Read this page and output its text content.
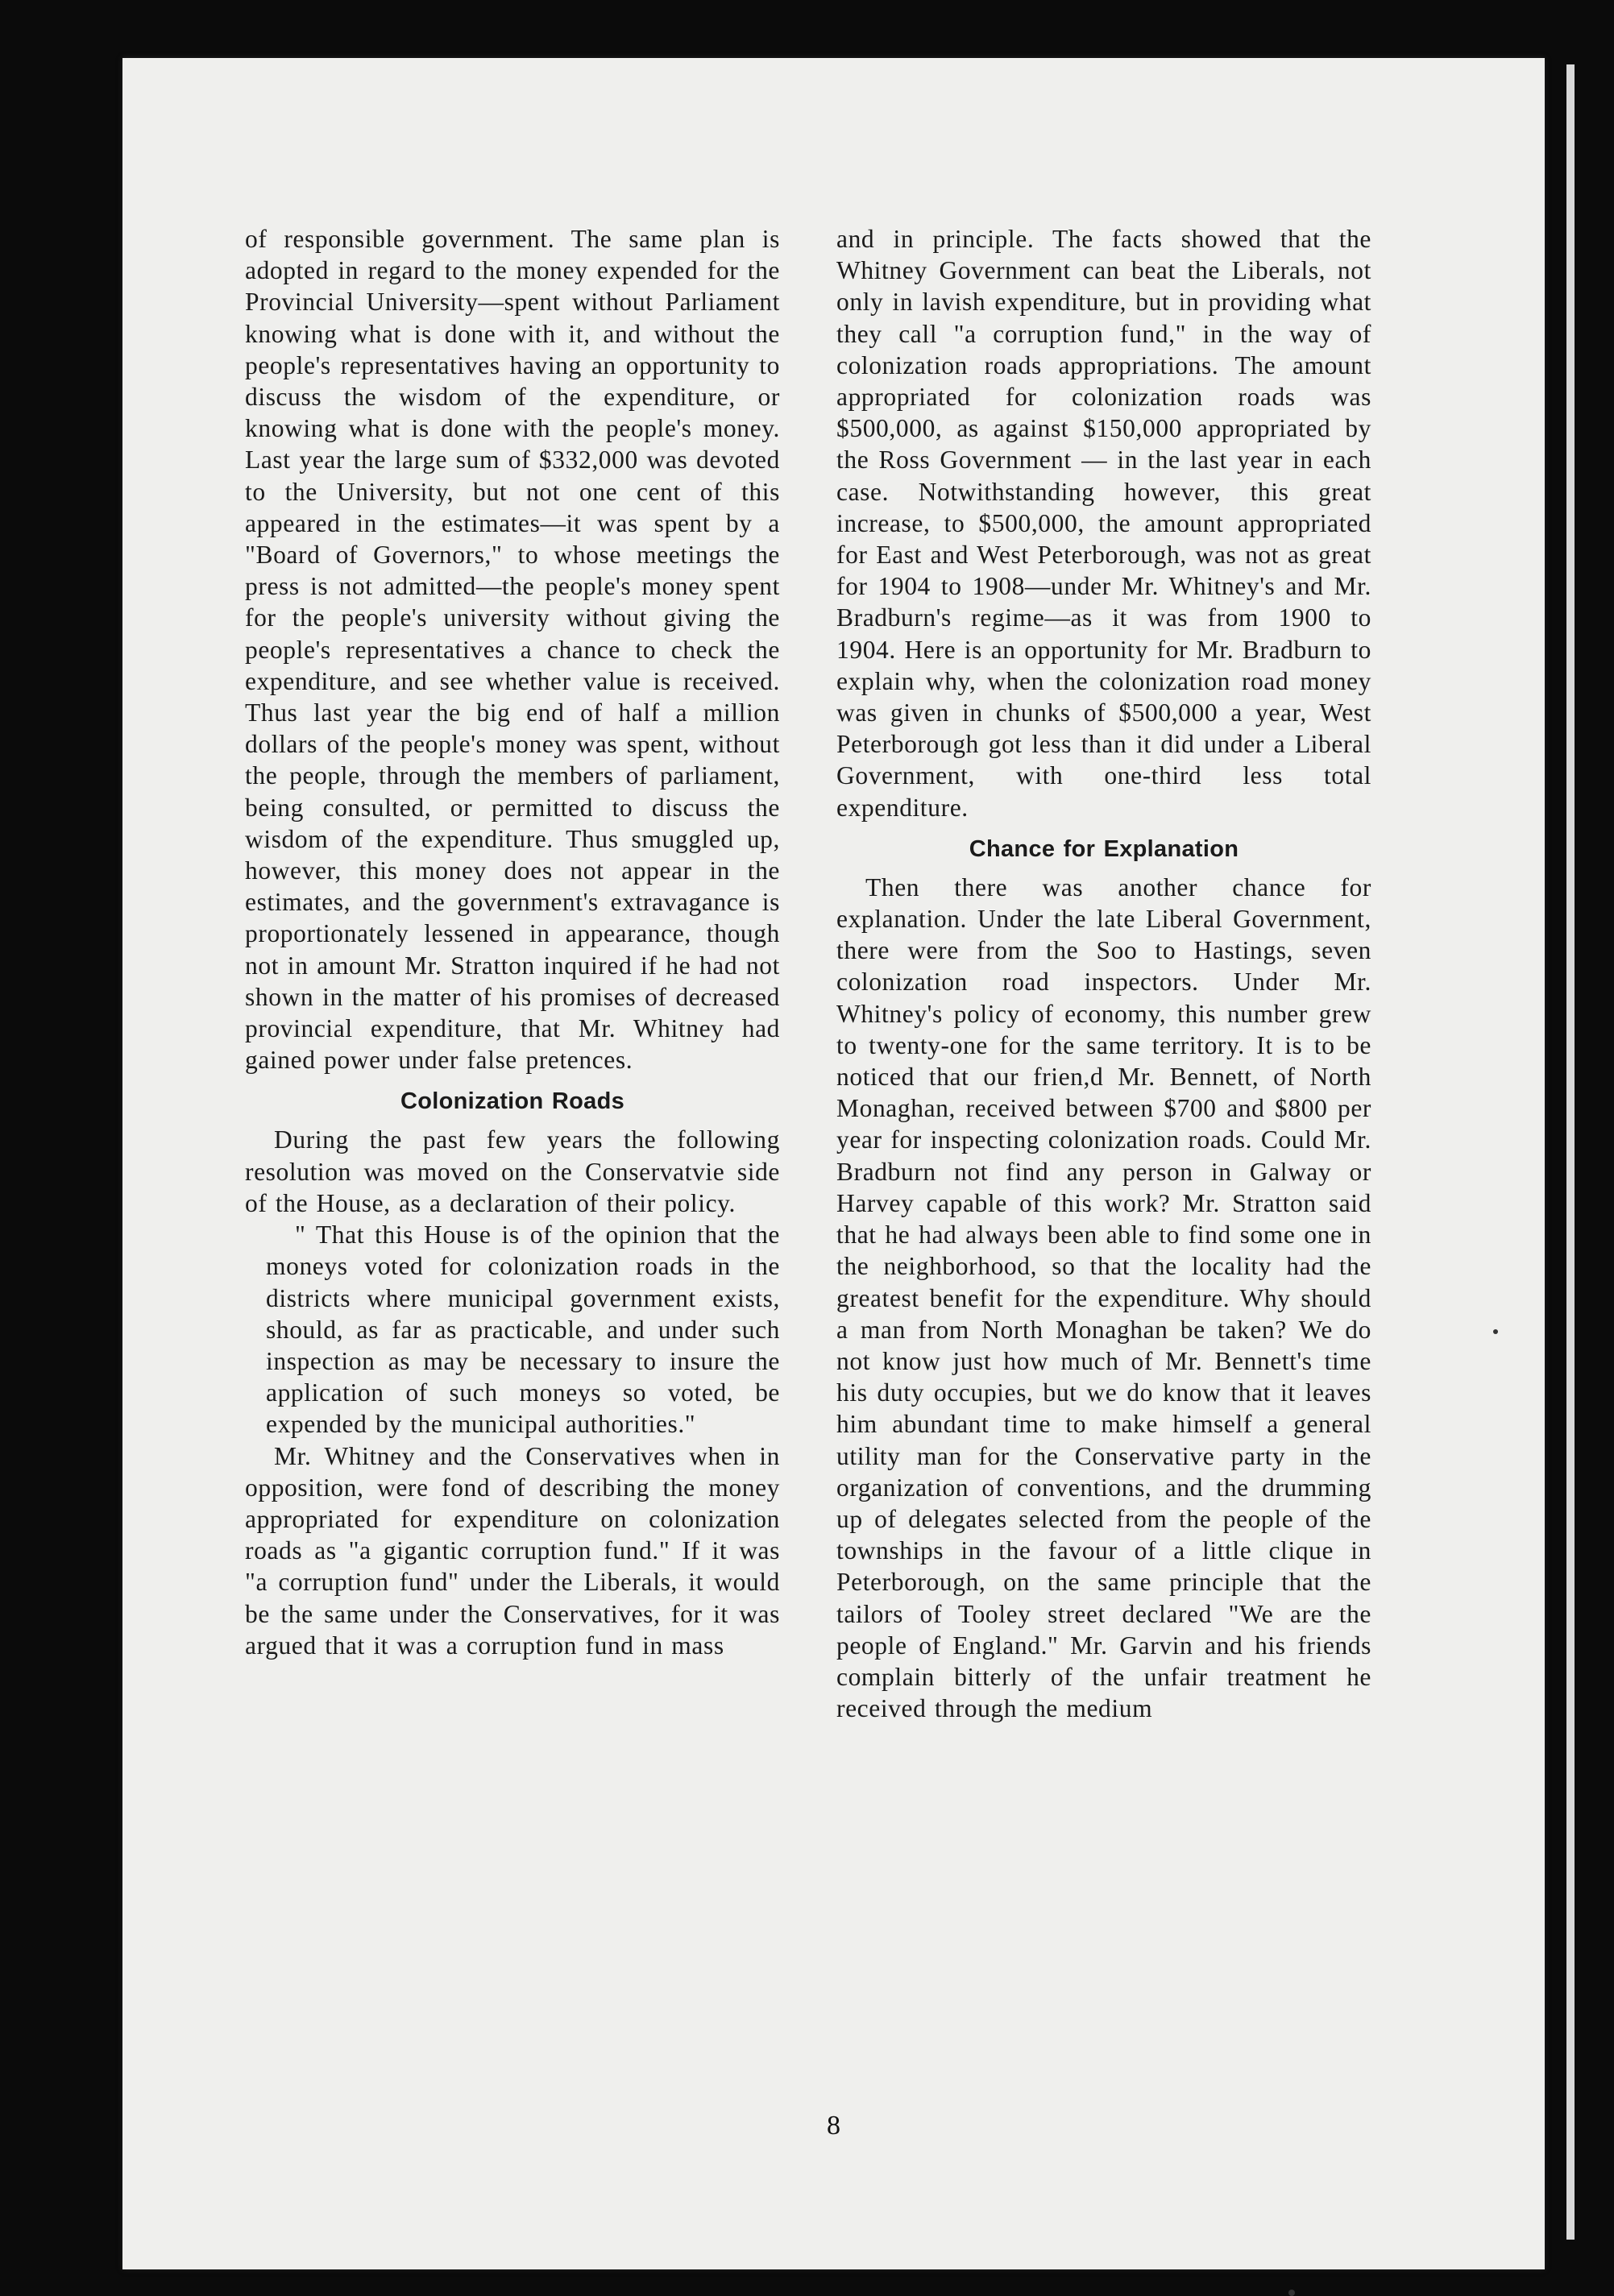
of responsible government. The same plan is adopted in regard to the money expended for the Provincial University—spent without Parliament knowing what is done with it, and without the people's representatives having an opportunity to discuss the wisdom of the expenditure, or knowing what is done with the people's money. Last year the large sum of $332,000 was devoted to the University, but not one cent of this appeared in the estimates—it was spent by a "Board of Governors," to whose meetings the press is not admitted—the people's money spent for the people's university without giving the people's representatives a chance to check the expenditure, and see whether value is received. Thus last year the big end of half a million dollars of the people's money was spent, without the people, through the members of parliament, being consulted, or permitted to discuss the wisdom of the expenditure. Thus smuggled up, however, this money does not appear in the estimates, and the government's extravagance is proportionately lessened in appearance, though not in amount Mr. Stratton inquired if he had not shown in the matter of his promises of decreased provincial expenditure, that Mr. Whitney had gained power under false pretences.

Colonization Roads

During the past few years the following resolution was moved on the Conservatvie side of the House, as a declaration of their policy.

" That this House is of the opinion that the moneys voted for colonization roads in the districts where municipal government exists, should, as far as practicable, and under such inspection as may be necessary to insure the application of such moneys so voted, be expended by the municipal authorities."

Mr. Whitney and the Conservatives when in opposition, were fond of describing the money appropriated for expenditure on colonization roads as "a gigantic corruption fund." If it was "a corruption fund" under the Liberals, it would be the same under the Conservatives, for it was argued that it was a corruption fund in mass

and in principle. The facts showed that the Whitney Government can beat the Liberals, not only in lavish expenditure, but in providing what they call "a corruption fund," in the way of colonization roads appropriations. The amount appropriated for colonization roads was $500,000, as against $150,000 appropriated by the Ross Government — in the last year in each case. Notwithstanding however, this great increase, to $500,000, the amount appropriated for East and West Peterborough, was not as great for 1904 to 1908—under Mr. Whitney's and Mr. Bradburn's regime—as it was from 1900 to 1904. Here is an opportunity for Mr. Bradburn to explain why, when the colonization road money was given in chunks of $500,000 a year, West Peterborough got less than it did under a Liberal Government, with one-third less total expenditure.

Chance for Explanation

Then there was another chance for explanation. Under the late Liberal Government, there were from the Soo to Hastings, seven colonization road inspectors. Under Mr. Whitney's policy of economy, this number grew to twenty-one for the same territory. It is to be noticed that our frien,d Mr. Bennett, of North Monaghan, received between $700 and $800 per year for inspecting colonization roads. Could Mr. Bradburn not find any person in Galway or Harvey capable of this work? Mr. Stratton said that he had always been able to find some one in the neighborhood, so that the locality had the greatest benefit for the expenditure. Why should a man from North Monaghan be taken? We do not know just how much of Mr. Bennett's time his duty occupies, but we do know that it leaves him abundant time to make himself a general utility man for the Conservative party in the organization of conventions, and the drumming up of delegates selected from the people of the townships in the favour of a little clique in Peterborough, on the same principle that the tailors of Tooley street declared "We are the people of England." Mr. Garvin and his friends complain bitterly of the unfair treatment he received through the medium

8
